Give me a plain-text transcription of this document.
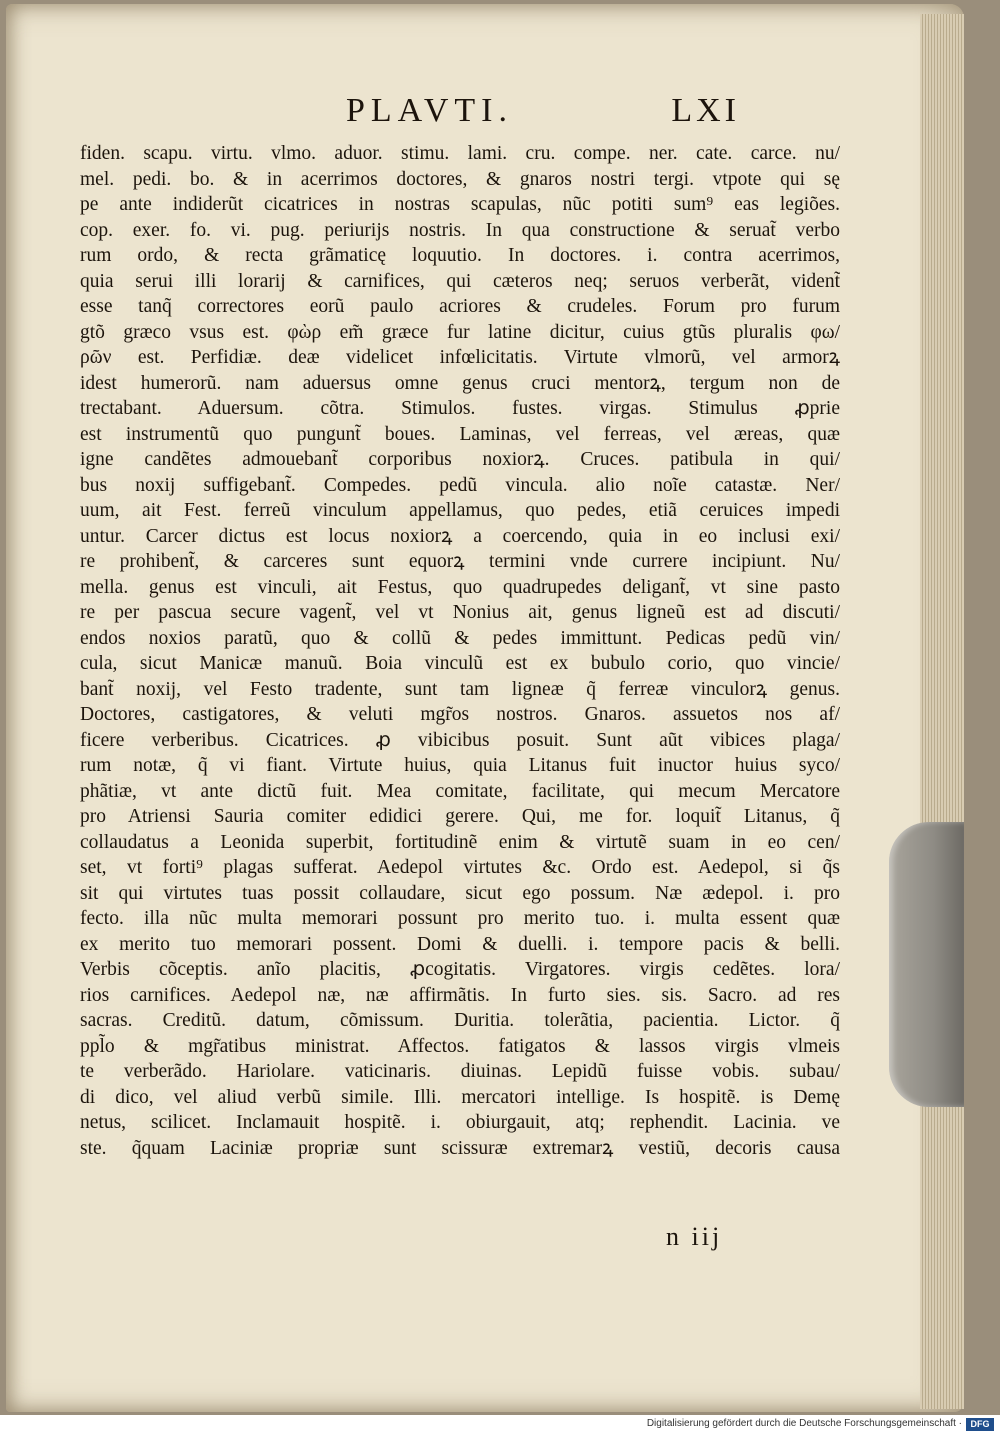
PLAVTI.	LXI
fiden. scapu. virtu. vlmo. aduor. stimu. lami. cru. compe. ner. cate. carce. nu/
mel. pedi. bo. & in acerrimos doctores, & gnaros nostri tergi. vtpote qui sę
pe ante indiderũt cicatrices in nostras scapulas, nũc potiti sum⁹ eas legiões.
cop. exer. fo. vi. pug. periurijs nostris. In qua constructione & seruat̃ verbo
rum ordo, & recta grãmaticę loquutio. In doctores. i. contra acerrimos,
quia serui illi lorarij & carnifices, qui cæteros neq; seruos verberãt, vident̃
esse tanq̃ correctores eorũ paulo acriores & crudeles. Forum pro furum
gtõ græco vsus est. φὼρ em̃ græce fur latine dicitur, cuius gtũs pluralis φω/
ρῶν est. Perfidiæ. deæ videlicet infœlicitatis. Virtute vlmorũ, vel armorꝝ
idest humerorũ. nam aduersus omne genus cruci mentorꝝ, tergum non de
trectabant. Aduersum. cõtra. Stimulos. fustes. virgas. Stimulus ꝓprie
est instrumentũ quo pungunt̃ boues. Laminas, vel ferreas, vel æreas, quæ
igne candẽtes admouebant̃ corporibus noxiorꝝ. Cruces. patibula in qui/
bus noxij suffigebant̃. Compedes. pedũ vincula. alio noĩe catastæ. Ner/
uum, ait Fest. ferreũ vinculum appellamus, quo pedes, etiã ceruices impedi
untur. Carcer dictus est locus noxiorꝝ a coercendo, quia in eo inclusi exi/
re prohibent̃, & carceres sunt equorꝝ termini vnde currere incipiunt. Nu/
mella. genus est vinculi, ait Festus, quo quadrupedes deligant̃, vt sine pasto
re per pascua secure vagent̃, vel vt Nonius ait, genus ligneũ est ad discuti/
endos noxios paratũ, quo & collũ & pedes immittunt. Pedicas pedũ vin/
cula, sicut Manicæ manuũ. Boia vinculũ est ex bubulo corio, quo vincie/
bant̃ noxij, vel Festo tradente, sunt tam ligneæ q̃ ferreæ vinculorꝝ genus.
Doctores, castigatores, & veluti mgr̃os nostros. Gnaros. assuetos nos af/
ficere verberibus. Cicatrices. ꝓ vibicibus posuit. Sunt aũt vibices plaga/
rum notæ, q̃ vi fiant. Virtute huius, quia Litanus fuit inuctor huius syco/
phãtiæ, vt ante dictũ fuit. Mea comitate, facilitate, qui mecum Mercatore
pro Atriensi Sauria comiter edidici gerere. Qui, me for. loquit̃ Litanus, q̃
collaudatus a Leonida superbit, fortitudinẽ enim & virtutẽ suam in eo cen/
set, vt forti⁹ plagas sufferat. Aedepol virtutes &c. Ordo est. Aedepol, si q̃s
sit qui virtutes tuas possit collaudare, sicut ego possum. Næ ædepol. i. pro
fecto. illa nũc multa memorari possunt pro merito tuo. i. multa essent quæ
ex merito tuo memorari possent. Domi & duelli. i. tempore pacis & belli.
Verbis cõceptis. anĩo placitis, ꝓcogitatis. Virgatores. virgis cedẽtes. lora/
rios carnifices. Aedepol næ, næ affirmãtis. In furto sies. sis. Sacro. ad res
sacras. Creditũ. datum, cõmissum. Duritia. tolerãtia, pacientia. Lictor. q̃
ppl̃o & mgr̃atibus ministrat. Affectos. fatigatos & lassos virgis vlmeis
te verberãdo. Hariolare. vaticinaris. diuinas. Lepidũ fuisse vobis. subau/
di dico, vel aliud verbũ simile. Illi. mercatori intellige. Is hospitẽ. is Demę
netus, scilicet. Inclamauit hospitẽ. i. obiurgauit, atq; rephendit. Lacinia. ve
ste. q̃quam Laciniæ propriæ sunt scissuræ extremarꝝ vestiũ, decoris causa
n iij
Digitalisierung gefördert durch die Deutsche Forschungsgemeinschaft · DFG
